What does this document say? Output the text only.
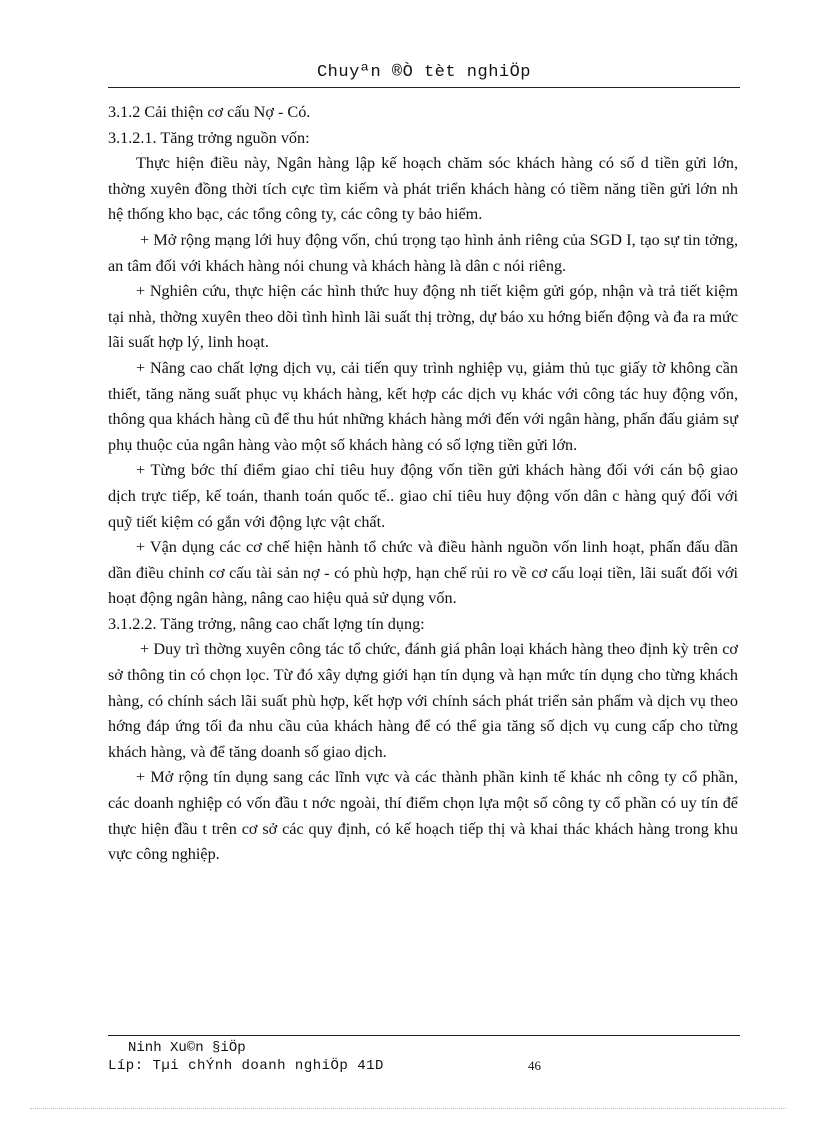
Chuyªn ®Ò tèt nghiÖp

3.1.2 Cải thiện cơ cấu Nợ - Có.

3.1.2.1. Tăng trởng nguồn vốn:

Thực hiện điều này, Ngân hàng lập kế hoạch chăm sóc khách hàng có số d tiền gửi lớn, thờng xuyên đồng thời tích cực tìm kiếm và phát triển khách hàng có tiềm năng tiền gửi lớn nh hệ thống kho bạc, các tổng công ty, các công ty bảo hiểm.

+ Mở rộng mạng lới huy động vốn, chú trọng tạo hình ảnh riêng của SGD I, tạo sự tin tởng, an tâm đối với khách hàng nói chung và khách hàng là dân c nói riêng.

+ Nghiên cứu, thực hiện các hình thức huy động nh tiết kiệm gửi góp, nhận và trả tiết kiệm tại nhà, thờng xuyên theo dõi tình hình lãi suất thị trờng, dự báo xu hớng biến động và đa ra mức lãi suất hợp lý, linh hoạt.

+ Nâng cao chất lợng dịch vụ, cải tiến quy trình nghiệp vụ, giảm thủ tục giấy tờ không cần thiết, tăng năng suất phục vụ khách hàng, kết hợp các dịch vụ khác với công tác huy động vốn, thông qua khách hàng cũ để thu hút những khách hàng mới đến với ngân hàng, phấn đấu giảm sự phụ thuộc của ngân hàng vào một số khách hàng có số lợng tiền gửi lớn.

+ Từng bớc thí điểm giao chỉ tiêu huy động vốn tiền gửi khách hàng đối với cán bộ giao dịch trực tiếp, kế toán, thanh toán quốc tế.. giao chỉ tiêu huy động vốn dân c hàng quý đối với quỹ tiết kiệm có gắn với động lực vật chất.

+ Vận dụng các cơ chế hiện hành tổ chức và điều hành nguồn vốn linh hoạt, phấn đấu dần dần điều chỉnh cơ cấu tài sản nợ - có phù hợp, hạn chế rủi ro về cơ cấu loại tiền, lãi suất đối với hoạt động ngân hàng, nâng cao hiệu quả sử dụng vốn.

3.1.2.2. Tăng trởng, nâng cao chất lợng tín dụng:

+ Duy trì thờng xuyên công tác tổ chức, đánh giá phân loại khách hàng theo định kỳ trên cơ sở thông tin có chọn lọc. Từ đó xây dựng giới hạn tín dụng và hạn mức tín dụng cho từng khách hàng, có chính sách lãi suất phù hợp, kết hợp với chính sách phát triển sản phẩm và dịch vụ theo hớng đáp ứng tối đa nhu cầu của khách hàng để có thể gia tăng số dịch vụ cung cấp cho từng khách hàng, và để tăng doanh số giao dịch.

+ Mở rộng tín dụng sang các lĩnh vực và các thành phần kinh tế khác nh công ty cổ phần, các doanh nghiệp có vốn đầu t nớc ngoài, thí điểm chọn lựa một số công ty cổ phần có uy tín để thực hiện đầu t trên cơ sở các quy định, có kế hoạch tiếp thị và khai thác khách hàng trong khu vực công nghiệp.

Ninh Xu©n §iÖp
Líp: Tµi chÝnh doanh nghiÖp 41D	46
